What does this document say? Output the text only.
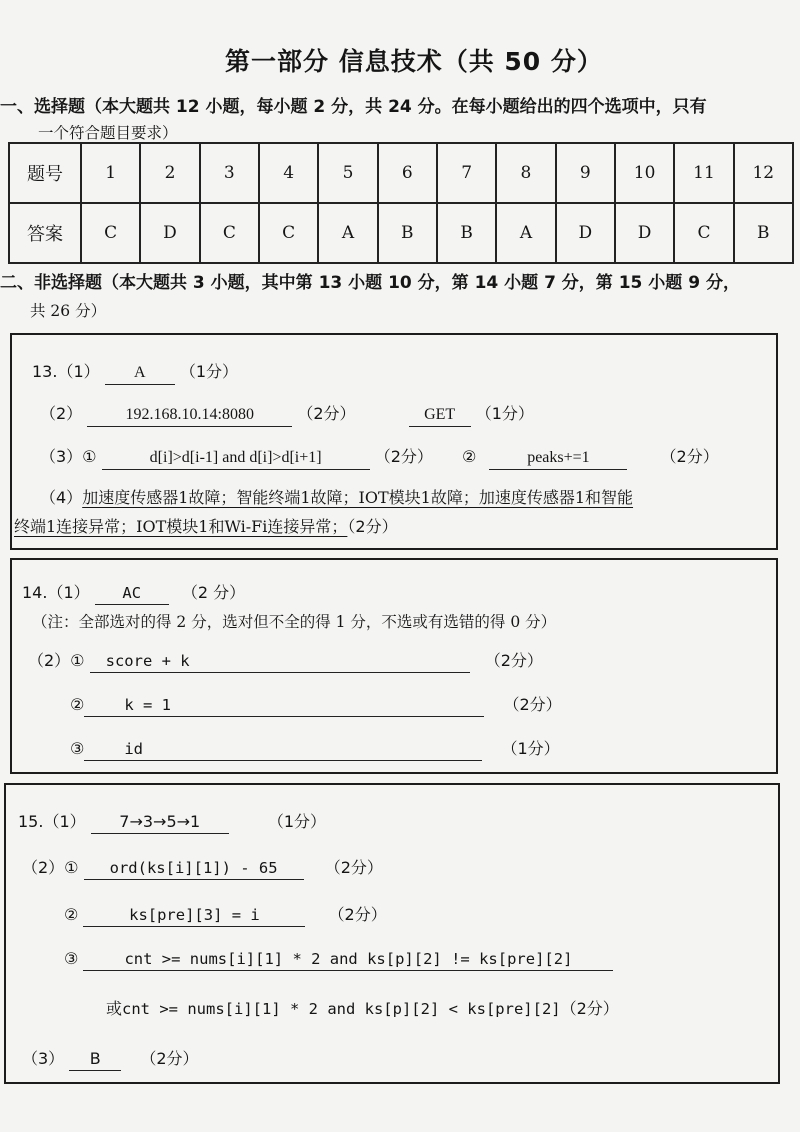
第一部分 信息技术（共 50 分）
一、选择题（本大题共 12 小题，每小题 2 分，共 24 分。在每小题给出的四个选项中，只有
一个符合题目要求）
题号	1	2	3	4	5	6	7	8	9	10	11	12
答案	C	D	C	C	A	B	B	A	D	D	C	B
二、非选择题（本大题共 3 小题，其中第 13 小题 10 分，第 14 小题 7 分，第 15 小题 9 分，
共 26 分）
13.（1） A （1分）
（2）	192.168.10.14:8080	（2分）	GET （1分）
（3）①	d[i]>d[i-1] and d[i]>d[i+1]	（2分） ②	peaks+=1	（2分）
（4）加速度传感器1故障；智能终端1故障；IOT模块1故障；加速度传感器1和智能
终端1连接异常；IOT模块1和Wi-Fi连接异常；（2分）
14.（1） AC	（2 分）
（注：全部选对的得 2 分，选对但不全的得 1 分，不选或有选错的得 0 分）
（2）① score + k	（2分）
②	k = 1	（2分）
③	id	（1分）
15.（1） 7→3→5→1	（1分）
（2）① ord(ks[i][1]) - 65	（2分）
②	ks[pre][3] = i	（2分）
③	cnt >= nums[i][1] * 2 and ks[p][2] != ks[pre][2]
或cnt >= nums[i][1] * 2 and ks[p][2] < ks[pre][2]（2分）
（3） B （2分）
